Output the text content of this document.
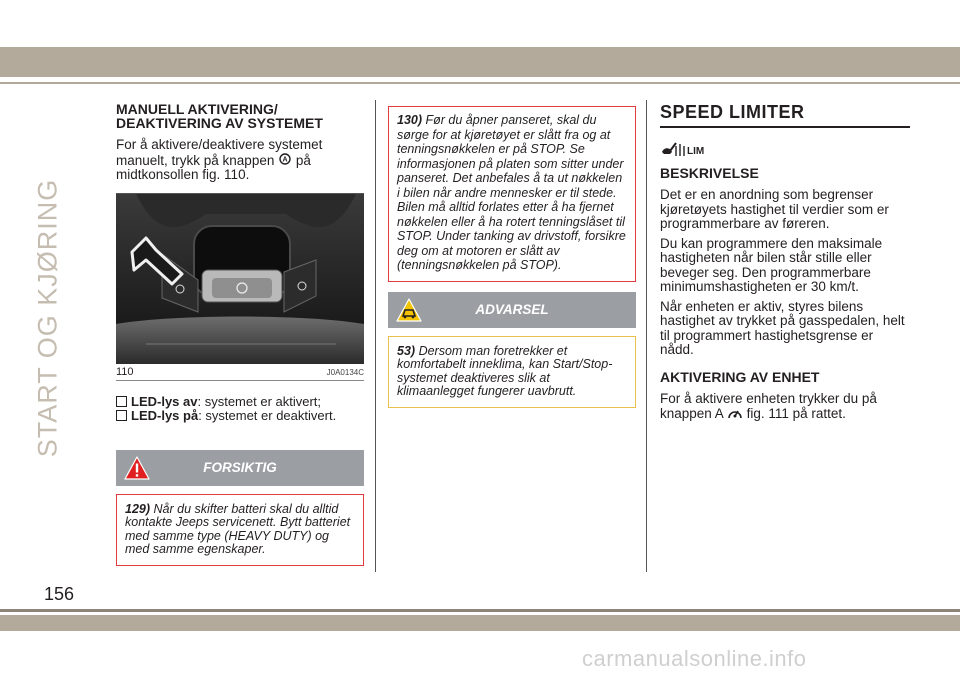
START OG KJØRING
MANUELL AKTIVERING/ DEAKTIVERING AV SYSTEMET

For å aktivere/deaktivere systemet manuelt, trykk på knappen A på midtkonsollen fig. 110.

110	J0A0134C

LED-lys av: systemet er aktivert;

LED-lys på: systemet er deaktivert.

FORSIKTIG
129) Når du skifter batteri skal du alltid kontakte Jeeps servicenett. Bytt batteriet med samme type (HEAVY DUTY) og med samme egenskaper.
130) Før du åpner panseret, skal du sørge for at kjøretøyet er slått fra og at tenningsnøkkelen er på STOP. Se informasjonen på platen som sitter under panseret. Det anbefales å ta ut nøkkelen i bilen når andre mennesker er til stede. Bilen må alltid forlates etter å ha fjernet nøkkelen eller å ha rotert tenningslåset til STOP. Under tanking av drivstoff, forsikre deg om at motoren er slått av (tenningsnøkkelen på STOP).
ADVARSEL
53) Dersom man foretrekker et komfortabelt inneklima, kan Start/Stop-systemet deaktiveres slik at klimaanlegget fungerer uavbrutt.
SPEED LIMITER
LIM
BESKRIVELSE

Det er en anordning som begrenser kjøretøyets hastighet til verdier som er programmerbare av føreren.

Du kan programmere den maksimale hastigheten når bilen står stille eller beveger seg. Den programmerbare minimumshastigheten er 30 km/t.

Når enheten er aktiv, styres bilens hastighet av trykket på gasspedalen, helt til programmert hastighetsgrense er nådd.

AKTIVERING AV ENHET

For å aktivere enheten trykker du på knappen A fig. 111 på rattet.

156
carmanualsonline.info
